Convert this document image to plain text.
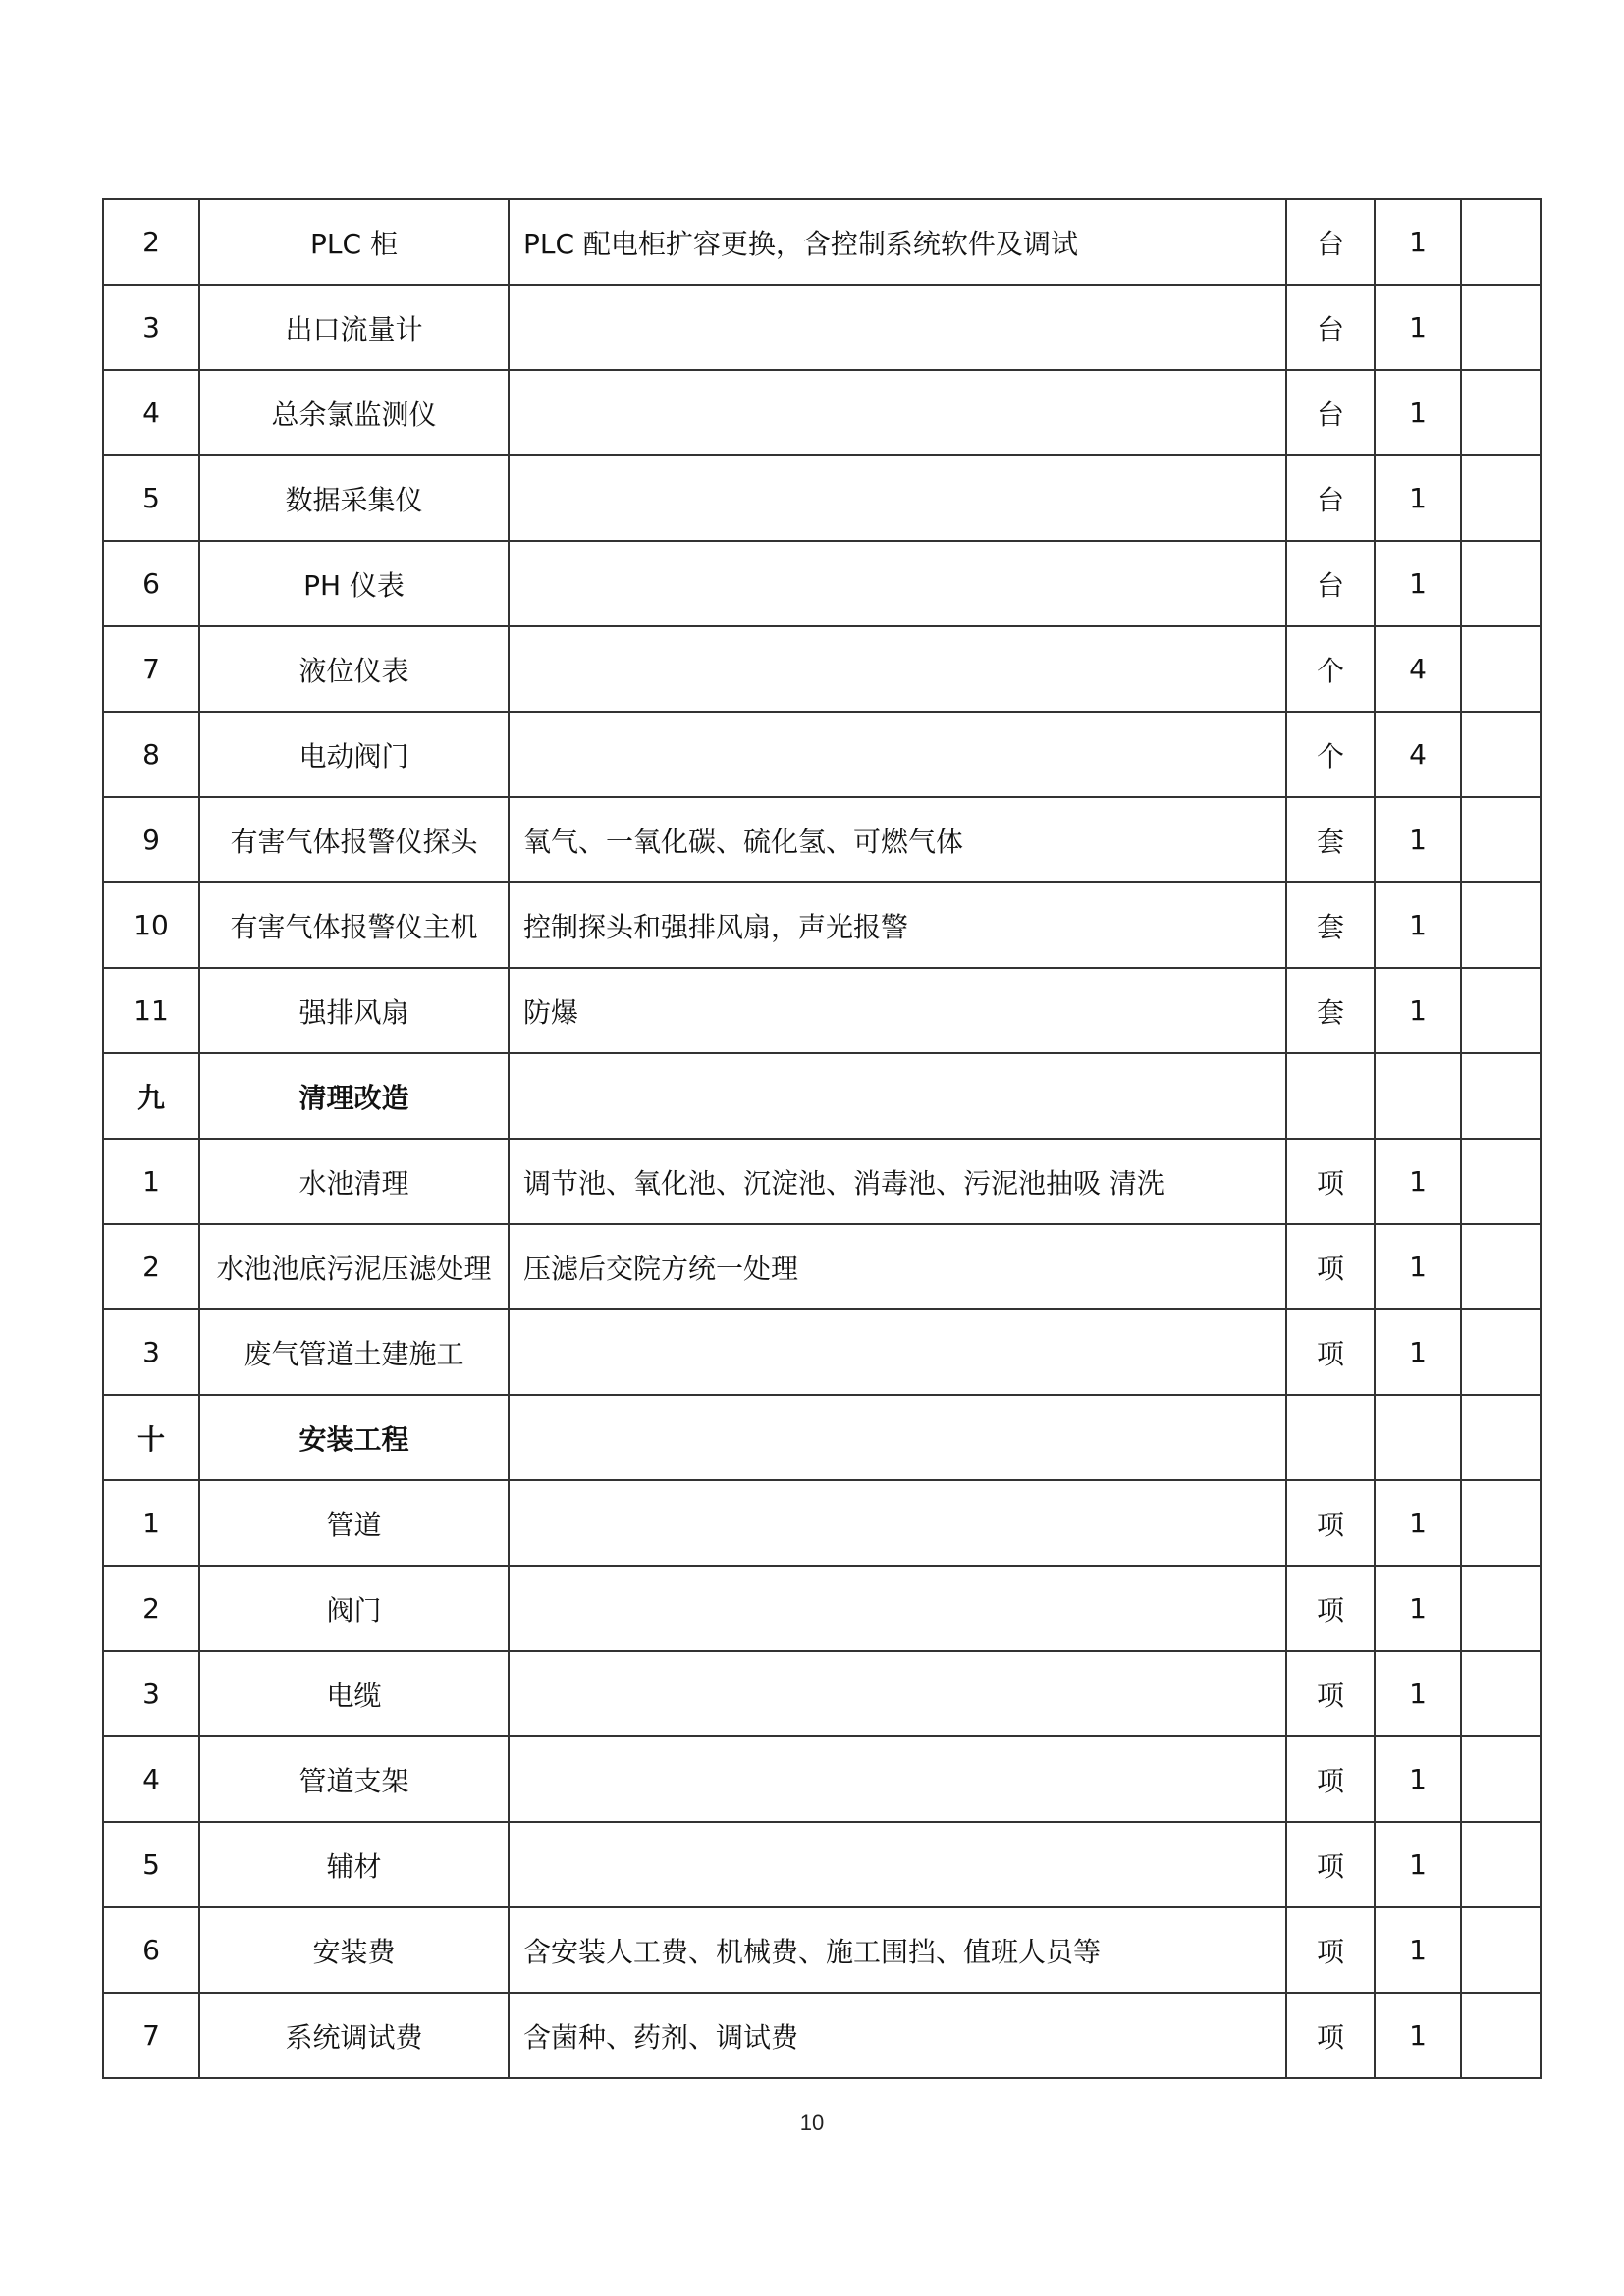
2	PLC 柜	PLC 配电柜扩容更换，含控制系统软件及调试	台	1	
3	出口流量计		台	1	
4	总余氯监测仪		台	1	
5	数据采集仪		台	1	
6	PH 仪表		台	1	
7	液位仪表		个	4	
8	电动阀门		个	4	
9	有害气体报警仪探头	氧气、一氧化碳、硫化氢、可燃气体	套	1	
10	有害气体报警仪主机	控制探头和强排风扇，声光报警	套	1	
11	强排风扇	防爆	套	1	
九	清理改造				
1	水池清理	调节池、氧化池、沉淀池、消毒池、污泥池抽吸 清洗	项	1	
2	水池池底污泥压滤处理	压滤后交院方统一处理	项	1	
3	废气管道土建施工		项	1	
十	安装工程				
1	管道		项	1	
2	阀门		项	1	
3	电缆		项	1	
4	管道支架		项	1	
5	辅材		项	1	
6	安装费	含安装人工费、机械费、施工围挡、值班人员等	项	1	
7	系统调试费	含菌种、药剂、调试费	项	1	
10
